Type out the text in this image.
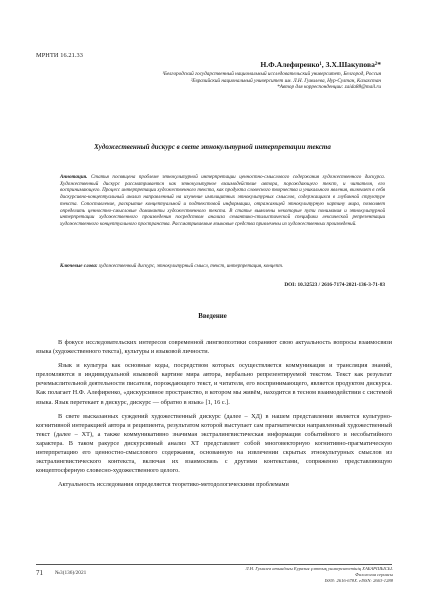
МРНТИ 16.21.33
Н.Ф.Алефиренко¹, З.Х.Шакупова²*
¹Белгородский государственный национальный исследовательский университет, Белгород, Россия
²Евразийский национальный университет им. Л.Н. Гумилева, Нур-Султан, Казахстан
*Автор для корреспонденции: zaida88@mail.ru
Художественный дискурс в свете этнокультурной интерпретации текста
Аннотация. Статья посвящена проблеме этнокультурной интерпретации ценностно-смыслового содержания художественного дискурса. Художественный дискурс рассматривается как этнокультурное взаимодействие автора, порождающего текст, и читателя, его воспринимающего. Процесс интерпретации художественного текста, как продукта словесного творчества и уникального явления, включает в себя дискурсивно-концептуальный анализ направленный на изучение имплицитных этнокультурных смыслов, содержащихся в глубинной структуре текста. Сопоставление, раскрытие концептуальной и подтекстовой информации, отражающей этнокультурную картину мира, позволяет определить ценностно-смысловые доминанты художественного текста. В статье выявлены некоторые пути понимания и этнокультурной интерпретации художественного произведения посредством анализа семантико-стилистической специфики лексической репрезентации художественного концептуального пространства. Рассматриваемые языковые средства привлечены из художественных произведений.
Ключевые слова: художественный дискурс, этнокультурный смысл, текст, интерпретация, концепт.
DOI: 10.32523 / 2616-7174-2021-136-3-71-83
Введение

В фокусе исследовательских интересов современной лингвопоэтики сохраняют свою актуальность вопросы взаимосвязи языка (художественного текста), культуры и языковой личности.

Язык и культура как основные коды, посредством которых осуществляется коммуникация и трансляция знаний, преломляются в индивидуальной языковой картине мира автора, вербально репрезентируемой текстом. Текст как результат речемыслительной деятельности писателя, порождающего текст, и читателя, его воспринимающего, является продуктом дискурса. Как полагает Н.Ф. Алефиренко, «дискурсивное пространство, в котором мы живём, находится в тесном взаимодействии с системой языка. Язык перетекает в дискурс, дискурс — обратно в язык» [1, 16 с.].

В свете высказанных суждений художественный дискурс (далее – ХД) в нашем представлении является культурно-когнитивной интеракцией автора и реципиента, результатом которой выступает сам прагматически направленный художественный текст (далее – ХТ), а также коммуникативно значимая экстралингвистическая информация событийного и несобытийного характера. В таком ракурсе дискурсивный анализ ХТ представляет собой многовекторную когнитивно-прагматическую интерпретацию его ценностно-смыслового содержания, основанную на извлечении скрытых этнокультурных смыслов из экстралингвистического контекста, включая их взаимосвязь с другими контекстами, сопряженно представляющую концептосферную словесно-художественного целого.

Актуальность исследования определяется теоретико-методологическими проблемами

71 №3(136)/2021
Л.Н. Гумилев атындағы Еуразия ұлттық университетінің ХАБАРШЫСЫ.
Филология сериясы
ISSN: 2616-678X. eISSN: 2663-1288
